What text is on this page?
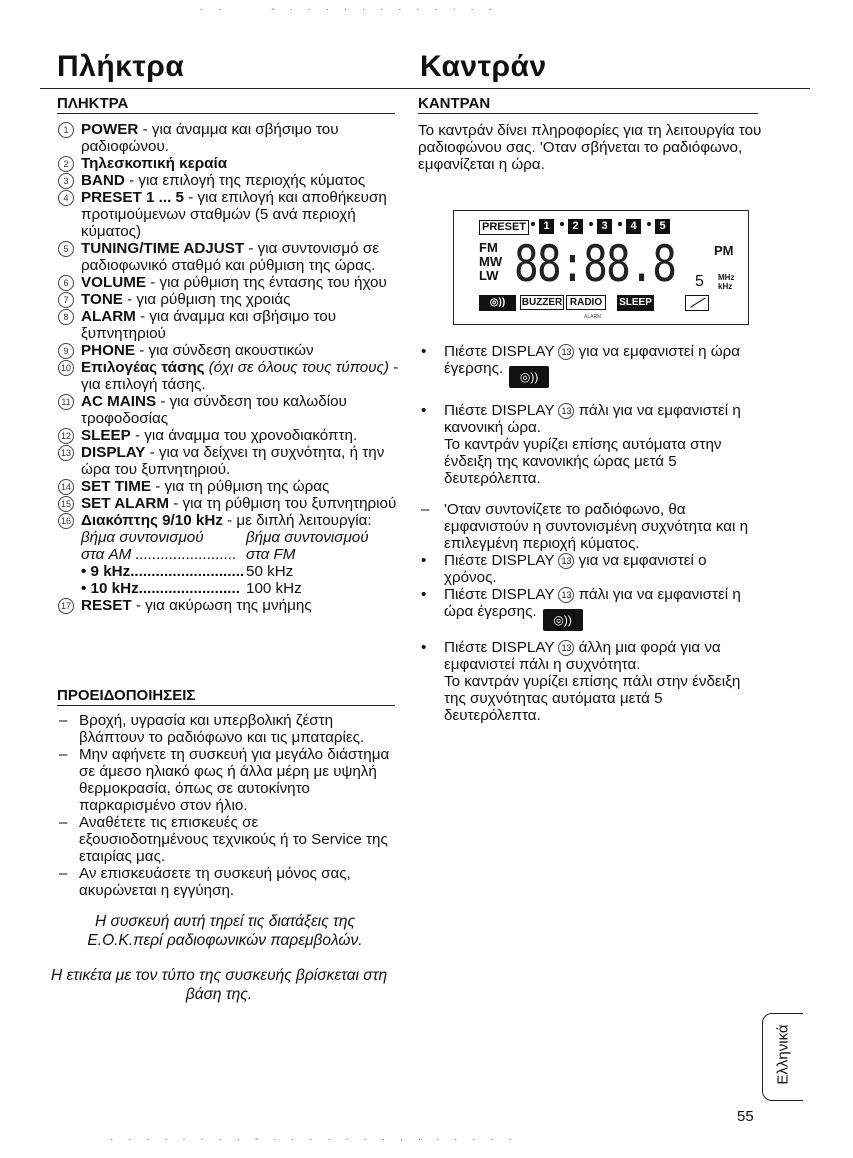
· ·     - · · · · · · · · · · · ·
· · · · · · · · - · · · · · · · · · · · · · ·
Πλήκτρα	Καντράν
ΠΛΗΚΤΡΑ
1 POWER - για άναμμα και σβήσιμο του ραδιοφώνου.
2 Τηλεσκοπική κεραία
3 BAND - για επιλογή της περιοχής κύματος
4 PRESET 1 ... 5 - για επιλογή και αποθήκευση προτιμούμενων σταθμών (5 ανά περιοχή κύματος)
5 TUNING/TIME ADJUST - για συντονισμό σε ραδιοφωνικό σταθμό και ρύθμιση της ώρας.
6 VOLUME - για ρύθμιση της έντασης του ήχου
7 TONE - για ρύθμιση της χροιάς
8 ALARM - για άναμμα και σβήσιμο του ξυπνητηριού
9 PHONE - για σύνδεση ακουστικών
10 Επιλογέας τάσης (όχι σε όλους τους τύπους) - για επιλογή τάσης.
11 AC MAINS - για σύνδεση του καλωδίου τροφοδοσίας
12 SLEEP - για άναμμα του χρονοδιακόπτη.
13 DISPLAY - για να δείχνει τη συχνότητα, ή την ώρα του ξυπνητηριού.
14 SET TIME - για τη ρύθμιση της ώρας
15 SET ALARM - για τη ρύθμιση του ξυπνητηριού
16 Διακόπτης 9/10 kHz - με διπλή λειτουργία:
βήμα συντονισμού	βήμα συντονισμού
στα AM ........................ στα FM
• 9 kHz........................... 50 kHz
• 10 kHz........................ 100 kHz
17 RESET - για ακύρωση της μνήμης
ΠΡΟΕΙΔΟΠΟΙΗΣΕΙΣ
– Βροχή, υγρασία και υπερβολική ζέστη βλάπτουν το ραδιόφωνο και τις μπαταρίες.
– Μην αφήνετε τη συσκευή για μεγάλο διάστημα σε άμεσο ηλιακό φως ή άλλα μέρη με υψηλή θερμοκρασία, όπως σε αυτοκίνητο παρκαρισμένο στον ήλιο.
– Αναθέτετε τις επισκευές σε εξουσιοδοτημένους τεχνικούς ή το Service της εταιρίας μας.
– Αν επισκευάσετε τη συσκευή μόνος σας, ακυρώνεται η εγγύηση.
Η συσκευή αυτή τηρεί τις διατάξεις της Ε.Ο.Κ.περί ραδιοφωνικών παρεμβολών.
Η ετικέτα με τον τύπο της συσκευής βρίσκεται στη βάση της.
ΚΑΝΤΡΑΝ
Το καντράν δίνει πληροφορίες για τη λειτουργία του ραδιοφώνου σας. 'Οταν σβήνεται το ραδιόφωνο, εμφανίζεται η ώρα.
PRESET	1	2	3	4	5
FM
MW
LW 88:88.8 5
PM
MHz
kHz
◎))	BUZZER RADIO	SLEEP
ALARM
• Πιέστε DISPLAY 13 για να εμφανιστεί η ώρα έγερσης. ◎))
• Πιέστε DISPLAY 13 πάλι για να εμφανιστεί η κανονική ώρα.
Το καντράν γυρίζει επίσης αυτόματα στην ένδειξη της κανονικής ώρας μετά 5 δευτερόλεπτα.
– 'Οταν συντονίζετε το ραδιόφωνο, θα εμφανιστούν η συντονισμένη συχνότητα και η επιλεγμένη περιοχή κύματος.
• Πιέστε DISPLAY 13 για να εμφανιστεί ο χρόνος.
• Πιέστε DISPLAY 13 πάλι για να εμφανιστεί η ώρα έγερσης. ◎))
• Πιέστε DISPLAY 13 άλλη μια φορά για να εμφανιστεί πάλι η συχνότητα.
Το καντράν γυρίζει επίσης πάλι στην ένδειξη της συχνότητας αυτόματα μετά 5 δευτερόλεπτα.
Ελληνικά
55
